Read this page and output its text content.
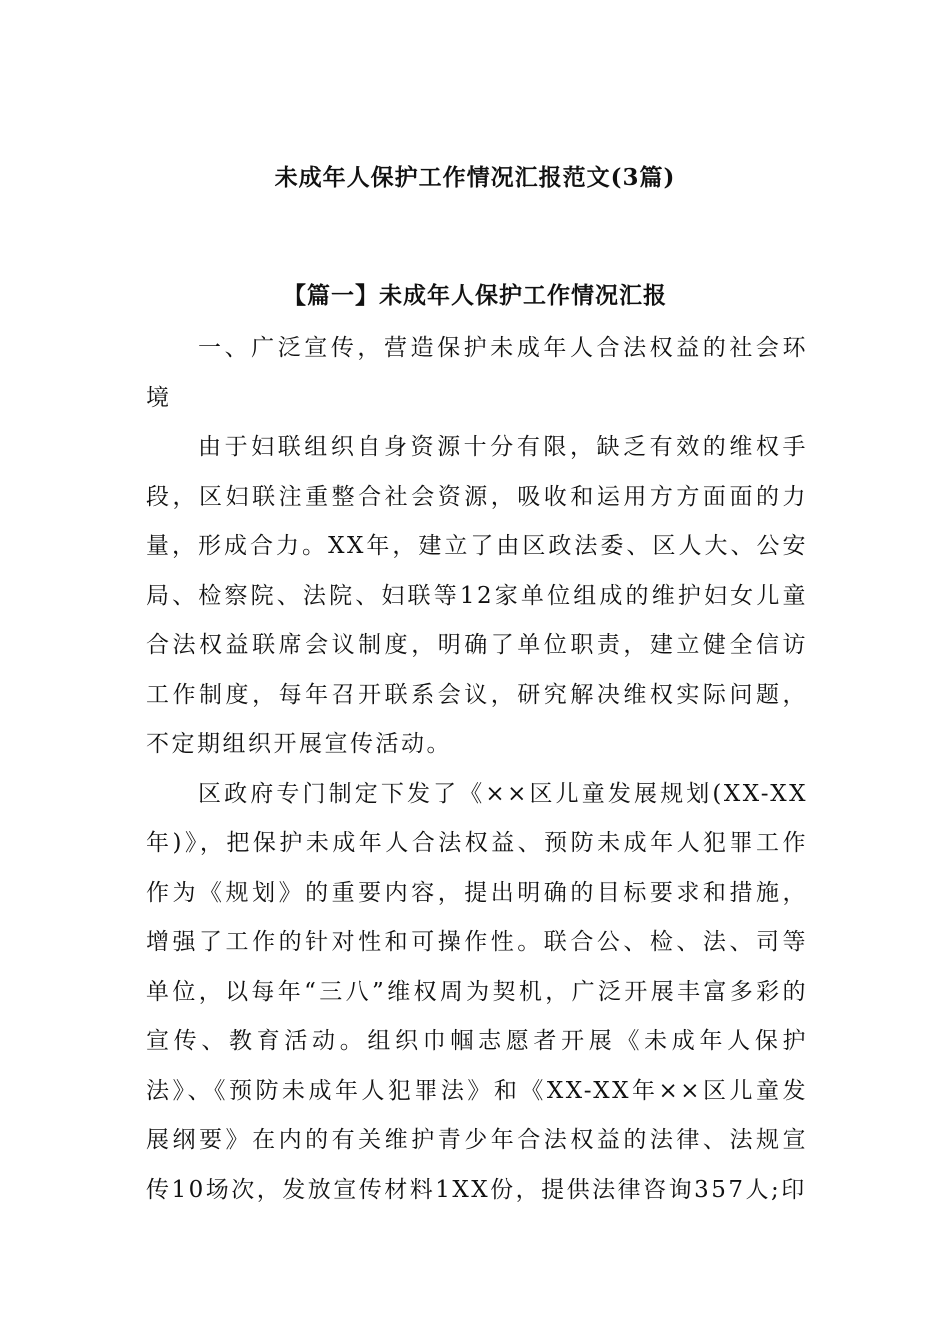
未成年人保护工作情况汇报范文(3篇)
【篇一】未成年人保护工作情况汇报

一、广泛宣传，营造保护未成年人合法权益的社会环境

由于妇联组织自身资源十分有限，缺乏有效的维权手段，区妇联注重整合社会资源，吸收和运用方方面面的力量，形成合力。XX年，建立了由区政法委、区人大、公安局、检察院、法院、妇联等12家单位组成的维护妇女儿童合法权益联席会议制度，明确了单位职责，建立健全信访工作制度，每年召开联系会议，研究解决维权实际问题，不定期组织开展宣传活动。

区政府专门制定下发了《××区儿童发展规划(XX-XX年)》，把保护未成年人合法权益、预防未成年人犯罪工作作为《规划》的重要内容，提出明确的目标要求和措施，增强了工作的针对性和可操作性。联合公、检、法、司等单位，以每年“三八”维权周为契机，广泛开展丰富多彩的宣传、教育活动。组织巾帼志愿者开展《未成年人保护法》、《预防未成年人犯罪法》和《XX-XX年××区儿童发展纲要》在内的有关维护青少年合法权益的法律、法规宣传10场次，发放宣传材料1XX份，提供法律咨询357人;印
